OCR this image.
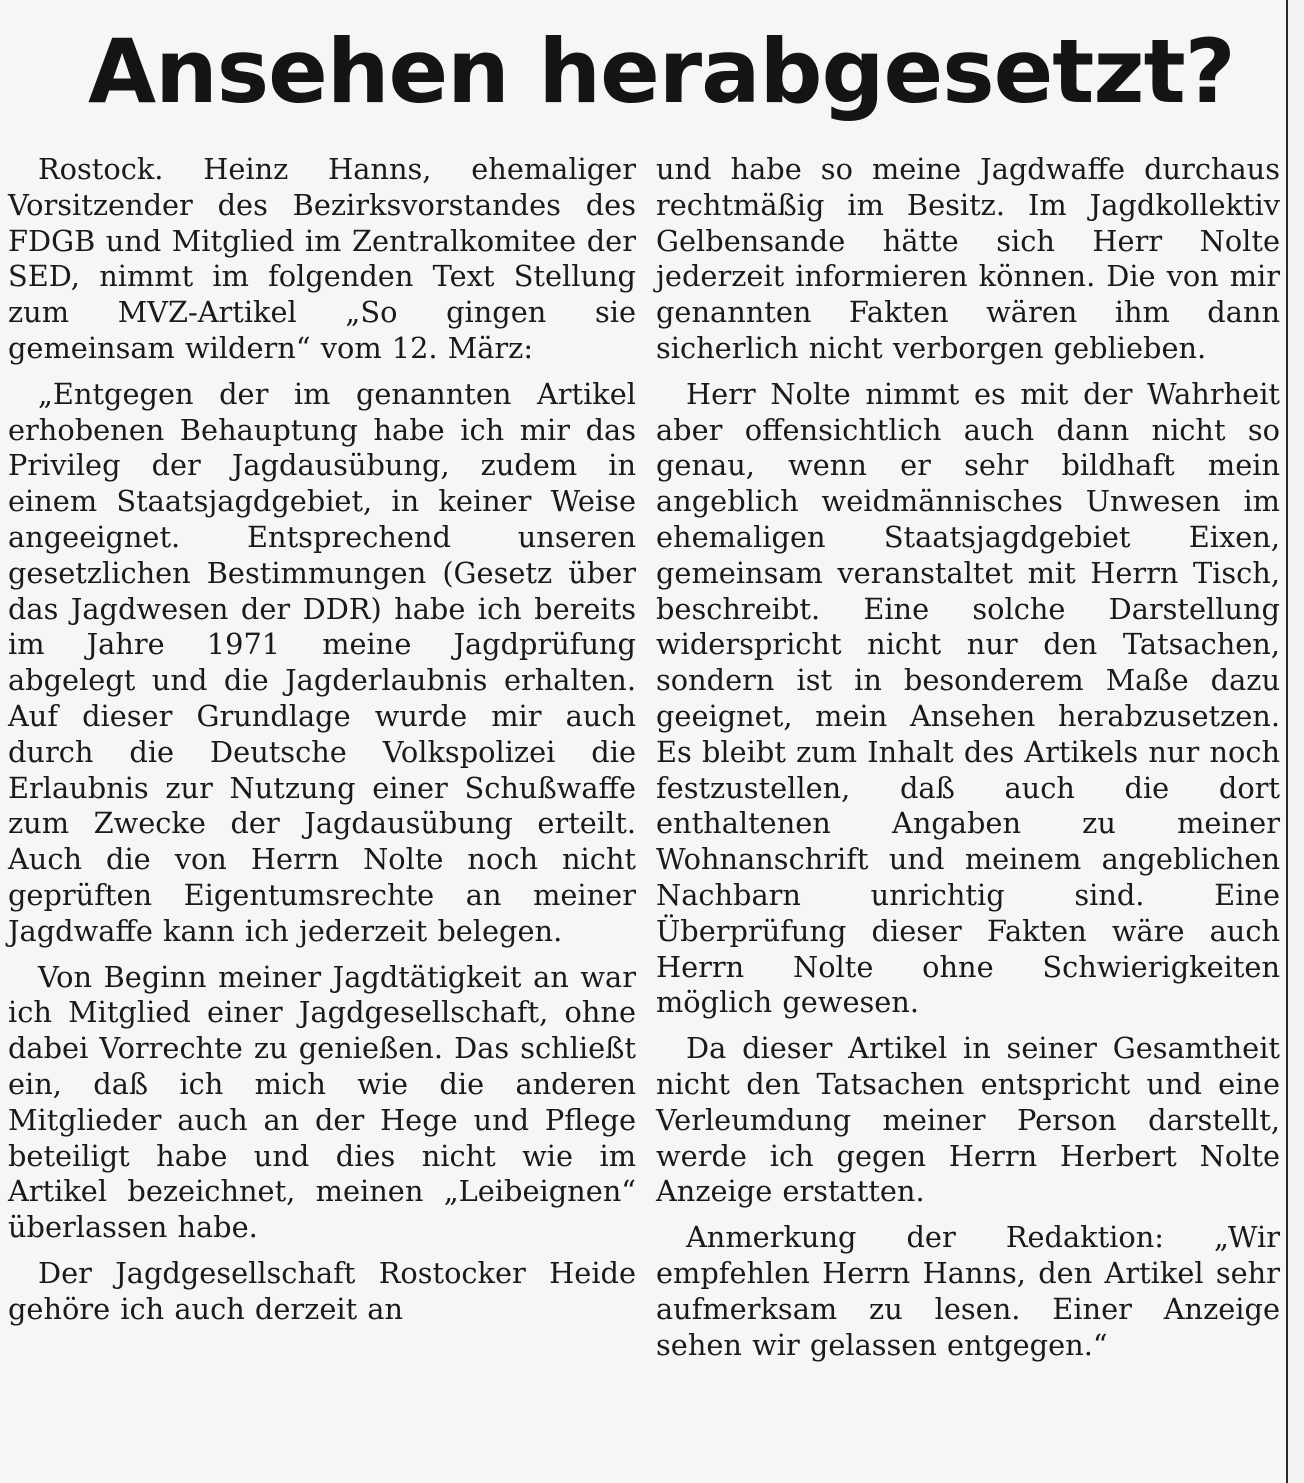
Ansehen herabgesetzt?

Rostock. Heinz Hanns, ehemaliger Vorsitzender des Bezirksvorstandes des FDGB und Mitglied im Zentralkomitee der SED, nimmt im folgenden Text Stellung zum MVZ-Artikel „So gingen sie gemeinsam wildern“ vom 12. März:

„Entgegen der im genannten Artikel erhobenen Behauptung habe ich mir das Privileg der Jagdausübung, zudem in einem Staatsjagdgebiet, in keiner Weise angeeignet. Entsprechend unseren gesetzlichen Bestimmungen (Gesetz über das Jagdwesen der DDR) habe ich bereits im Jahre 1971 meine Jagdprüfung abgelegt und die Jagderlaubnis erhalten. Auf dieser Grundlage wurde mir auch durch die Deutsche Volkspolizei die Erlaubnis zur Nutzung einer Schußwaffe zum Zwecke der Jagdausübung erteilt. Auch die von Herrn Nolte noch nicht geprüften Eigentumsrechte an meiner Jagdwaffe kann ich jederzeit belegen.

Von Beginn meiner Jagdtätigkeit an war ich Mitglied einer Jagdgesellschaft, ohne dabei Vorrechte zu genießen. Das schließt ein, daß ich mich wie die anderen Mitglieder auch an der Hege und Pflege beteiligt habe und dies nicht wie im Artikel bezeichnet, meinen „Leibeignen“ überlassen habe.

Der Jagdgesellschaft Rostocker Heide gehöre ich auch derzeit an

und habe so meine Jagdwaffe durchaus rechtmäßig im Besitz. Im Jagdkollektiv Gelbensande hätte sich Herr Nolte jederzeit informieren können. Die von mir genannten Fakten wären ihm dann sicherlich nicht verborgen geblieben.

Herr Nolte nimmt es mit der Wahrheit aber offensichtlich auch dann nicht so genau, wenn er sehr bildhaft mein angeblich weidmännisches Unwesen im ehemaligen Staatsjagdgebiet Eixen, gemeinsam veranstaltet mit Herrn Tisch, beschreibt. Eine solche Darstellung widerspricht nicht nur den Tatsachen, sondern ist in besonderem Maße dazu geeignet, mein Ansehen herabzusetzen. Es bleibt zum Inhalt des Artikels nur noch festzustellen, daß auch die dort enthaltenen Angaben zu meiner Wohnanschrift und meinem angeblichen Nachbarn unrichtig sind. Eine Überprüfung dieser Fakten wäre auch Herrn Nolte ohne Schwierigkeiten möglich gewesen.

Da dieser Artikel in seiner Gesamtheit nicht den Tatsachen entspricht und eine Verleumdung meiner Person darstellt, werde ich gegen Herrn Herbert Nolte Anzeige erstatten.

Anmerkung der Redaktion: „Wir empfehlen Herrn Hanns, den Artikel sehr aufmerksam zu lesen. Einer Anzeige sehen wir gelassen entgegen.“
